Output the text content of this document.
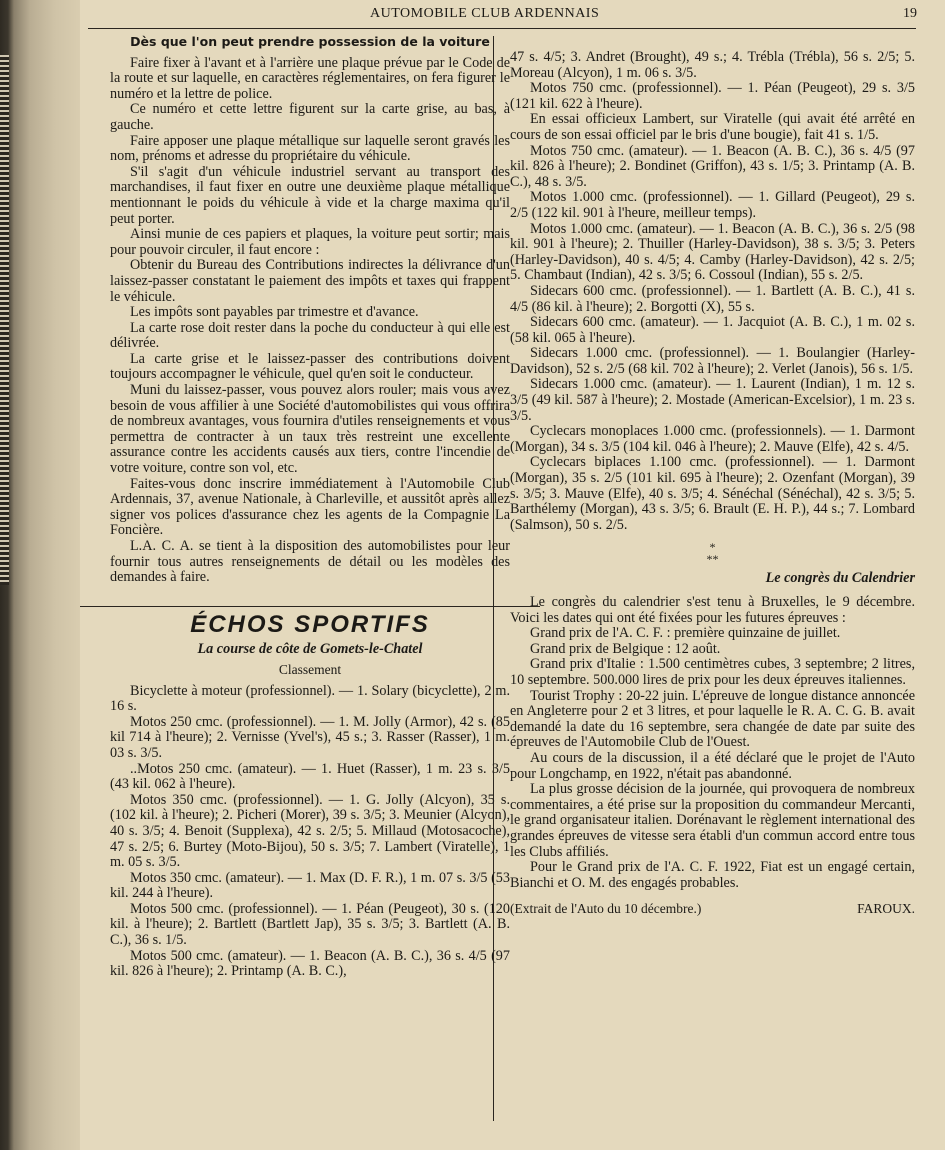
AUTOMOBILE CLUB ARDENNAIS	19
Dès que l'on peut prendre possession de la voiture

Faire fixer à l'avant et à l'arrière une plaque prévue par le Code de la route et sur laquelle, en caractères réglementaires, on fera figurer le numéro et la lettre de police.

Ce numéro et cette lettre figurent sur la carte grise, au bas, à gauche.

Faire apposer une plaque métallique sur laquelle seront gravés les nom, prénoms et adresse du propriétaire du véhicule.

S'il s'agit d'un véhicule industriel servant au transport des marchandises, il faut fixer en outre une deuxième plaque métallique mentionnant le poids du véhicule à vide et la charge maxima qu'il peut porter.

Ainsi munie de ces papiers et plaques, la voiture peut sortir; mais pour pouvoir circuler, il faut encore :

Obtenir du Bureau des Contributions indirectes la délivrance d'un laissez-passer constatant le paiement des impôts et taxes qui frappent le véhicule.

Les impôts sont payables par trimestre et d'avance.

La carte rose doit rester dans la poche du conducteur à qui elle est délivrée.

La carte grise et le laissez-passer des contributions doivent toujours accompagner le véhicule, quel qu'en soit le conducteur.

Muni du laissez-passer, vous pouvez alors rouler; mais vous avez besoin de vous affilier à une Société d'automobilistes qui vous offrira de nombreux avantages, vous fournira d'utiles renseignements et vous permettra de contracter à un taux très restreint une excellente assurance contre les accidents causés aux tiers, contre l'incendie de votre voiture, contre son vol, etc.

Faites-vous donc inscrire immédiatement à l'Automobile Club Ardennais, 37, avenue Nationale, à Charleville, et aussitôt après allez signer vos polices d'assurance chez les agents de la Compagnie La Foncière.

L.A. C. A. se tient à la disposition des automobilistes pour leur fournir tous autres renseignements de détail ou les modèles des demandes à faire.

ÉCHOS SPORTIFS
La course de côte de Gomets-le-Chatel
Classement

Bicyclette à moteur (professionnel). — 1. Solary (bicyclette), 2 m. 16 s.

Motos 250 cmc. (professionnel). — 1. M. Jolly (Armor), 42 s. (85 kil 714 à l'heure); 2. Vernisse (Yvel's), 45 s.; 3. Rasser (Rasser), 1 m. 03 s. 3/5.

..Motos 250 cmc. (amateur). — 1. Huet (Rasser), 1 m. 23 s. 3/5 (43 kil. 062 à l'heure).

Motos 350 cmc. (professionnel). — 1. G. Jolly (Alcyon), 35 s. (102 kil. à l'heure); 2. Picheri (Morer), 39 s. 3/5; 3. Meunier (Alcyon), 40 s. 3/5; 4. Benoit (Supplexa), 42 s. 2/5; 5. Millaud (Motosacoche), 47 s. 2/5; 6. Burtey (Moto-Bijou), 50 s. 3/5; 7. Lambert (Viratelle), 1 m. 05 s. 3/5.

Motos 350 cmc. (amateur). — 1. Max (D. F. R.), 1 m. 07 s. 3/5 (53 kil. 244 à l'heure).

Motos 500 cmc. (professionnel). — 1. Péan (Peugeot), 30 s. (120 kil. à l'heure); 2. Bartlett (Bartlett Jap), 35 s. 3/5; 3. Bartlett (A. B. C.), 36 s. 1/5.

Motos 500 cmc. (amateur). — 1. Beacon (A. B. C.), 36 s. 4/5 (97 kil. 826 à l'heure); 2. Printamp (A. B. C.),

47 s. 4/5; 3. Andret (Brought), 49 s.; 4. Trébla (Trébla), 56 s. 2/5; 5. Moreau (Alcyon), 1 m. 06 s. 3/5.

Motos 750 cmc. (professionnel). — 1. Péan (Peugeot), 29 s. 3/5 (121 kil. 622 à l'heure).

En essai officieux Lambert, sur Viratelle (qui avait été arrêté en cours de son essai officiel par le bris d'une bougie), fait 41 s. 1/5.

Motos 750 cmc. (amateur). — 1. Beacon (A. B. C.), 36 s. 4/5 (97 kil. 826 à l'heure); 2. Bondinet (Griffon), 43 s. 1/5; 3. Printamp (A. B. C.), 48 s. 3/5.

Motos 1.000 cmc. (professionnel). — 1. Gillard (Peugeot), 29 s. 2/5 (122 kil. 901 à l'heure, meilleur temps).

Motos 1.000 cmc. (amateur). — 1. Beacon (A. B. C.), 36 s. 2/5 (98 kil. 901 à l'heure); 2. Thuiller (Harley-Davidson), 38 s. 3/5; 3. Peters (Harley-Davidson), 40 s. 4/5; 4. Camby (Harley-Davidson), 42 s. 2/5; 5. Chambaut (Indian), 42 s. 3/5; 6. Cossoul (Indian), 55 s. 2/5.

Sidecars 600 cmc. (professionnel). — 1. Bartlett (A. B. C.), 41 s. 4/5 (86 kil. à l'heure); 2. Borgotti (X), 55 s.

Sidecars 600 cmc. (amateur). — 1. Jacquiot (A. B. C.), 1 m. 02 s. (58 kil. 065 à l'heure).

Sidecars 1.000 cmc. (professionnel). — 1. Boulangier (Harley-Davidson), 52 s. 2/5 (68 kil. 702 à l'heure); 2. Verlet (Janois), 56 s. 1/5.

Sidecars 1.000 cmc. (amateur). — 1. Laurent (Indian), 1 m. 12 s. 3/5 (49 kil. 587 à l'heure); 2. Mostade (American-Excelsior), 1 m. 23 s. 3/5.

Cyclecars monoplaces 1.000 cmc. (professionnels). — 1. Darmont (Morgan), 34 s. 3/5 (104 kil. 046 à l'heure); 2. Mauve (Elfe), 42 s. 4/5.

Cyclecars biplaces 1.100 cmc. (professionnel). — 1. Darmont (Morgan), 35 s. 2/5 (101 kil. 695 à l'heure); 2. Ozenfant (Morgan), 39 s. 3/5; 3. Mauve (Elfe), 40 s. 3/5; 4. Sénéchal (Sénéchal), 42 s. 3/5; 5. Barthélemy (Morgan), 43 s. 3/5; 6. Brault (E. H. P.), 44 s.; 7. Lombard (Salmson), 50 s. 2/5.

*
**
Le congrès du Calendrier

Le congrès du calendrier s'est tenu à Bruxelles, le 9 décembre. Voici les dates qui ont été fixées pour les futures épreuves :

Grand prix de l'A. C. F. : première quinzaine de juillet.

Grand prix de Belgique : 12 août.

Grand prix d'Italie : 1.500 centimètres cubes, 3 septembre; 2 litres, 10 septembre. 500.000 lires de prix pour les deux épreuves italiennes.

Tourist Trophy : 20-22 juin. L'épreuve de longue distance annoncée en Angleterre pour 2 et 3 litres, et pour laquelle le R. A. C. G. B. avait demandé la date du 16 septembre, sera changée de date par suite des épreuves de l'Automobile Club de l'Ouest.

Au cours de la discussion, il a été déclaré que le projet de l'Auto pour Longchamp, en 1922, n'était pas abandonné.

La plus grosse décision de la journée, qui provoquera de nombreux commentaires, a été prise sur la proposition du commandeur Mercanti, le grand organisateur italien. Dorénavant le règlement international des grandes épreuves de vitesse sera établi d'un commun accord entre tous les Clubs affiliés.

Pour le Grand prix de l'A. C. F. 1922, Fiat est un engagé certain, Bianchi et O. M. des engagés probables.

(Extrait de l'Auto du 10 décembre.)	FAROUX.
